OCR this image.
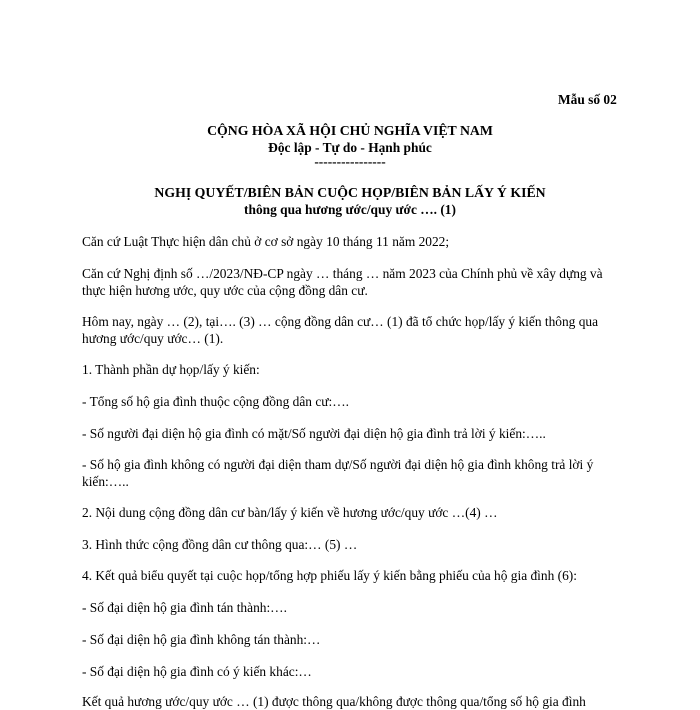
Mẫu số 02
CỘNG HÒA XÃ HỘI CHỦ NGHĨA VIỆT NAM
Độc lập - Tự do - Hạnh phúc
----------------
NGHỊ QUYẾT/BIÊN BẢN CUỘC HỌP/BIÊN BẢN LẤY Ý KIẾN
thông qua hương ước/quy ước …. (1)
Căn cứ Luật Thực hiện dân chủ ở cơ sở ngày 10 tháng 11 năm 2022;
Căn cứ Nghị định số …/2023/NĐ-CP ngày … tháng … năm 2023 của Chính phủ về xây dựng và
thực hiện hương ước, quy ước của cộng đồng dân cư.
Hôm nay, ngày … (2), tại…. (3) … cộng đồng dân cư… (1) đã tổ chức họp/lấy ý kiến thông qua
hương ước/quy ước… (1).
1. Thành phần dự họp/lấy ý kiến:
- Tổng số hộ gia đình thuộc cộng đồng dân cư:….
- Số người đại diện hộ gia đình có mặt/Số người đại diện hộ gia đình trả lời ý kiến:…..
- Số hộ gia đình không có người đại diện tham dự/Số người đại diện hộ gia đình không trả lời ý
kiến:…..
2. Nội dung cộng đồng dân cư bàn/lấy ý kiến về hương ước/quy ước …(4) …
3. Hình thức cộng đồng dân cư thông qua:… (5) …
4. Kết quả biểu quyết tại cuộc họp/tổng hợp phiếu lấy ý kiến bằng phiếu của hộ gia đình (6):
- Số đại diện hộ gia đình tán thành:….
- Số đại diện hộ gia đình không tán thành:…
- Số đại diện hộ gia đình có ý kiến khác:…
Kết quả hương ước/quy ước … (1) được thông qua/không được thông qua/tổng số hộ gia đình
